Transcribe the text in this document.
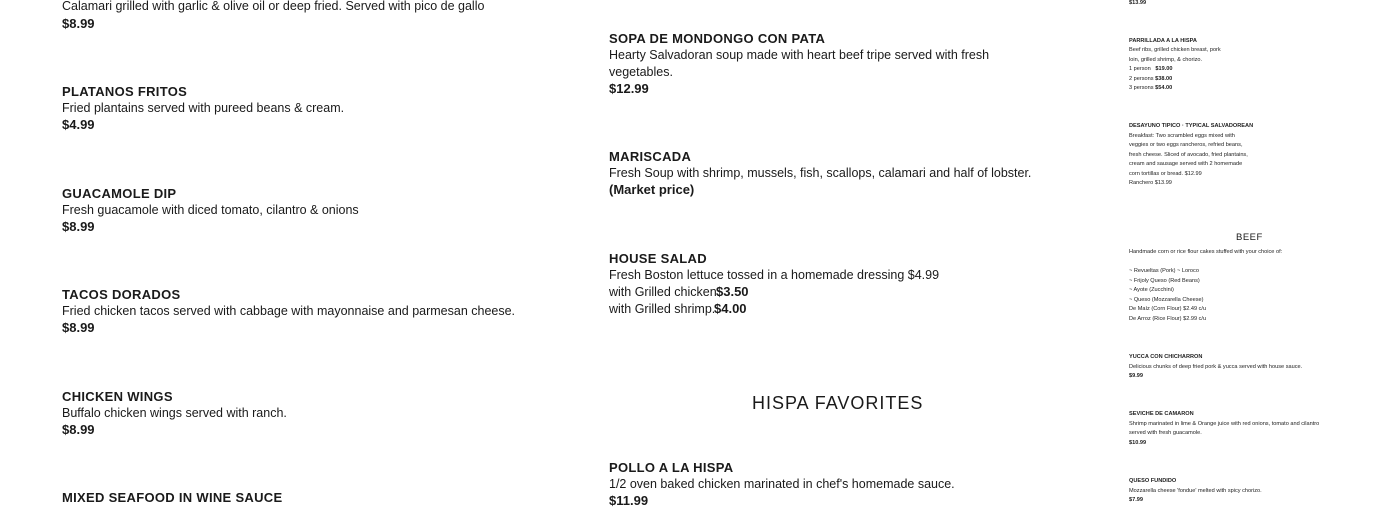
Calamari grilled with garlic & olive oil or deep fried. Served with pico de gallo
$8.99
PLATANOS FRITOS
Fried plantains served with pureed beans & cream.
$4.99
GUACAMOLE DIP
Fresh guacamole with diced tomato, cilantro & onions
$8.99
TACOS DORADOS
Fried chicken tacos served with cabbage with mayonnaise and parmesan cheese.
$8.99
CHICKEN WINGS
Buffalo chicken wings served with ranch.
$8.99
MIXED SEAFOOD IN WINE SAUCE
SOPA DE MONDONGO CON PATA
Hearty Salvadoran soup made with heart beef tripe served with fresh
vegetables.
$12.99
MARISCADA
Fresh Soup with shrimp, mussels, fish, scallops, calamari and half of lobster.
(Market price)
HOUSE SALAD
Fresh Boston lettuce tossed in a homemade dressing $4.99
with Grilled chicken.
$3.50
with Grilled shrimp.
$4.00
HISPA FAVORITES
POLLO A LA HISPA
1/2 oven baked chicken marinated in chef's homemade sauce.
$11.99
$13.99
PARRILLADA A LA HISPA
Beef ribs, grilled chicken breast, pork
loin, grilled shrimp, & chorizo.
1 person $19.00
2 persons $38.00
3 persons $54.00
DESAYUNO TIPICO · TYPICAL SALVADOREAN
Breakfast: Two scrambled eggs mixed with
veggies or two eggs rancheros, refried beans,
fresh cheese. Sliced of avocado, fried plantains,
cream and sausage served with 2 homemade
corn tortillas or bread. $12.99
Ranchero $13.99
BEEF
Handmade corn or rice flour cakes stuffed with your choice of:
~ Revueltas (Pork) ~ Loroco
~ Frijoly Queso (Red Beans)
~ Ayote (Zucchini)
~ Queso (Mozzarella Cheese)
De Maíz (Corn Flour) $2.49 c/u
De Arroz (Rice Flour) $2.99 c/u
YUCCA CON CHICHARRON
Delicious chunks of deep fried pork & yucca served with house sauce.
$9.99
SEVICHE DE CAMARON
Shrimp marinated in lime & Orange juice with red onions, tomato and cilantro
served with fresh guacamole.
$10.99
QUESO FUNDIDO
Mozzarella cheese 'fondue' melted with spicy chorizo.
$7.99
